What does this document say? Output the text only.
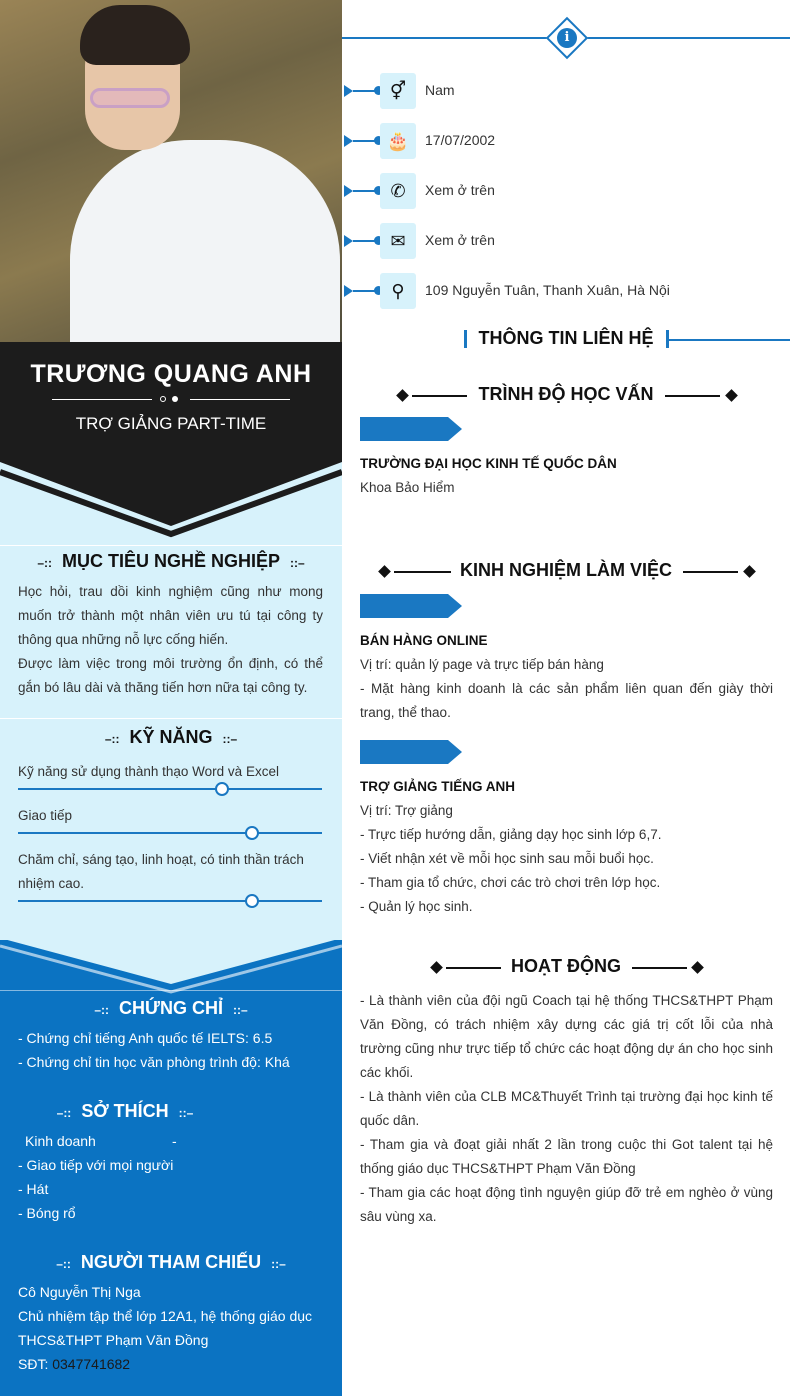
TRƯƠNG QUANG ANH
TRỢ GIẢNG PART-TIME
–:: MỤC TIÊU NGHỀ NGHIỆP ::–
Học hỏi, trau dồi kinh nghiệm cũng như mong muốn trở thành một nhân viên ưu tú tại công ty thông qua những nỗ lực cống hiến.
Được làm việc trong môi trường ổn định, có thể gắn bó lâu dài và thăng tiến hơn nữa tại công ty.
–:: KỸ NĂNG ::–
Kỹ năng sử dụng thành thạo Word và Excel
Giao tiếp
Chăm chỉ, sáng tạo, linh hoạt, có tinh thần trách nhiệm cao.
–:: CHỨNG CHỈ ::–
- Chứng chỉ tiếng Anh quốc tế IELTS: 6.5
- Chứng chỉ tin học văn phòng trình độ: Khá
–:: SỞ THÍCH ::–
Kinh doanh	-
- Giao tiếp với mọi người
- Hát
- Bóng rổ
–:: NGƯỜI THAM CHIẾU ::–
Cô Nguyễn Thị Nga
Chủ nhiệm tập thể lớp 12A1, hệ thống giáo dục THCS&THPT Phạm Văn Đồng
SĐT: 0347741682
i
⚥	Nam
🎂	17/07/2002
✆	Xem ở trên
✉	Xem ở trên
⚲	109 Nguyễn Tuân, Thanh Xuân, Hà Nội
THÔNG TIN LIÊN HỆ
TRÌNH ĐỘ HỌC VẤN
TRƯỜNG ĐẠI HỌC KINH TẾ QUỐC DÂN
Khoa Bảo Hiểm
KINH NGHIỆM LÀM VIỆC
BÁN HÀNG ONLINE
Vị trí: quản lý page và trực tiếp bán hàng
- Mặt hàng kinh doanh là các sản phẩm liên quan đến giày thời trang, thể thao.
TRỢ GIẢNG TIẾNG ANH
Vị trí: Trợ giảng
- Trực tiếp hướng dẫn, giảng dạy học sinh lớp 6,7.
- Viết nhận xét về mỗi học sinh sau mỗi buổi học.
- Tham gia tổ chức, chơi các trò chơi trên lớp học.
- Quản lý học sinh.
HOẠT ĐỘNG
- Là thành viên của đội ngũ Coach tại hệ thống THCS&THPT Phạm Văn Đồng, có trách nhiệm xây dựng các giá trị cốt lỗi của nhà trường cũng như trực tiếp tổ chức các hoạt động dự án cho học sinh các khối.
- Là thành viên của CLB MC&Thuyết Trình tại trường đại học kinh tế quốc dân.
- Tham gia và đoạt giải nhất 2 lần trong cuộc thi Got talent tại hệ thống giáo dục THCS&THPT Phạm Văn Đồng
- Tham gia các hoạt động tình nguyện giúp đỡ trẻ em nghèo ở vùng sâu vùng xa.
